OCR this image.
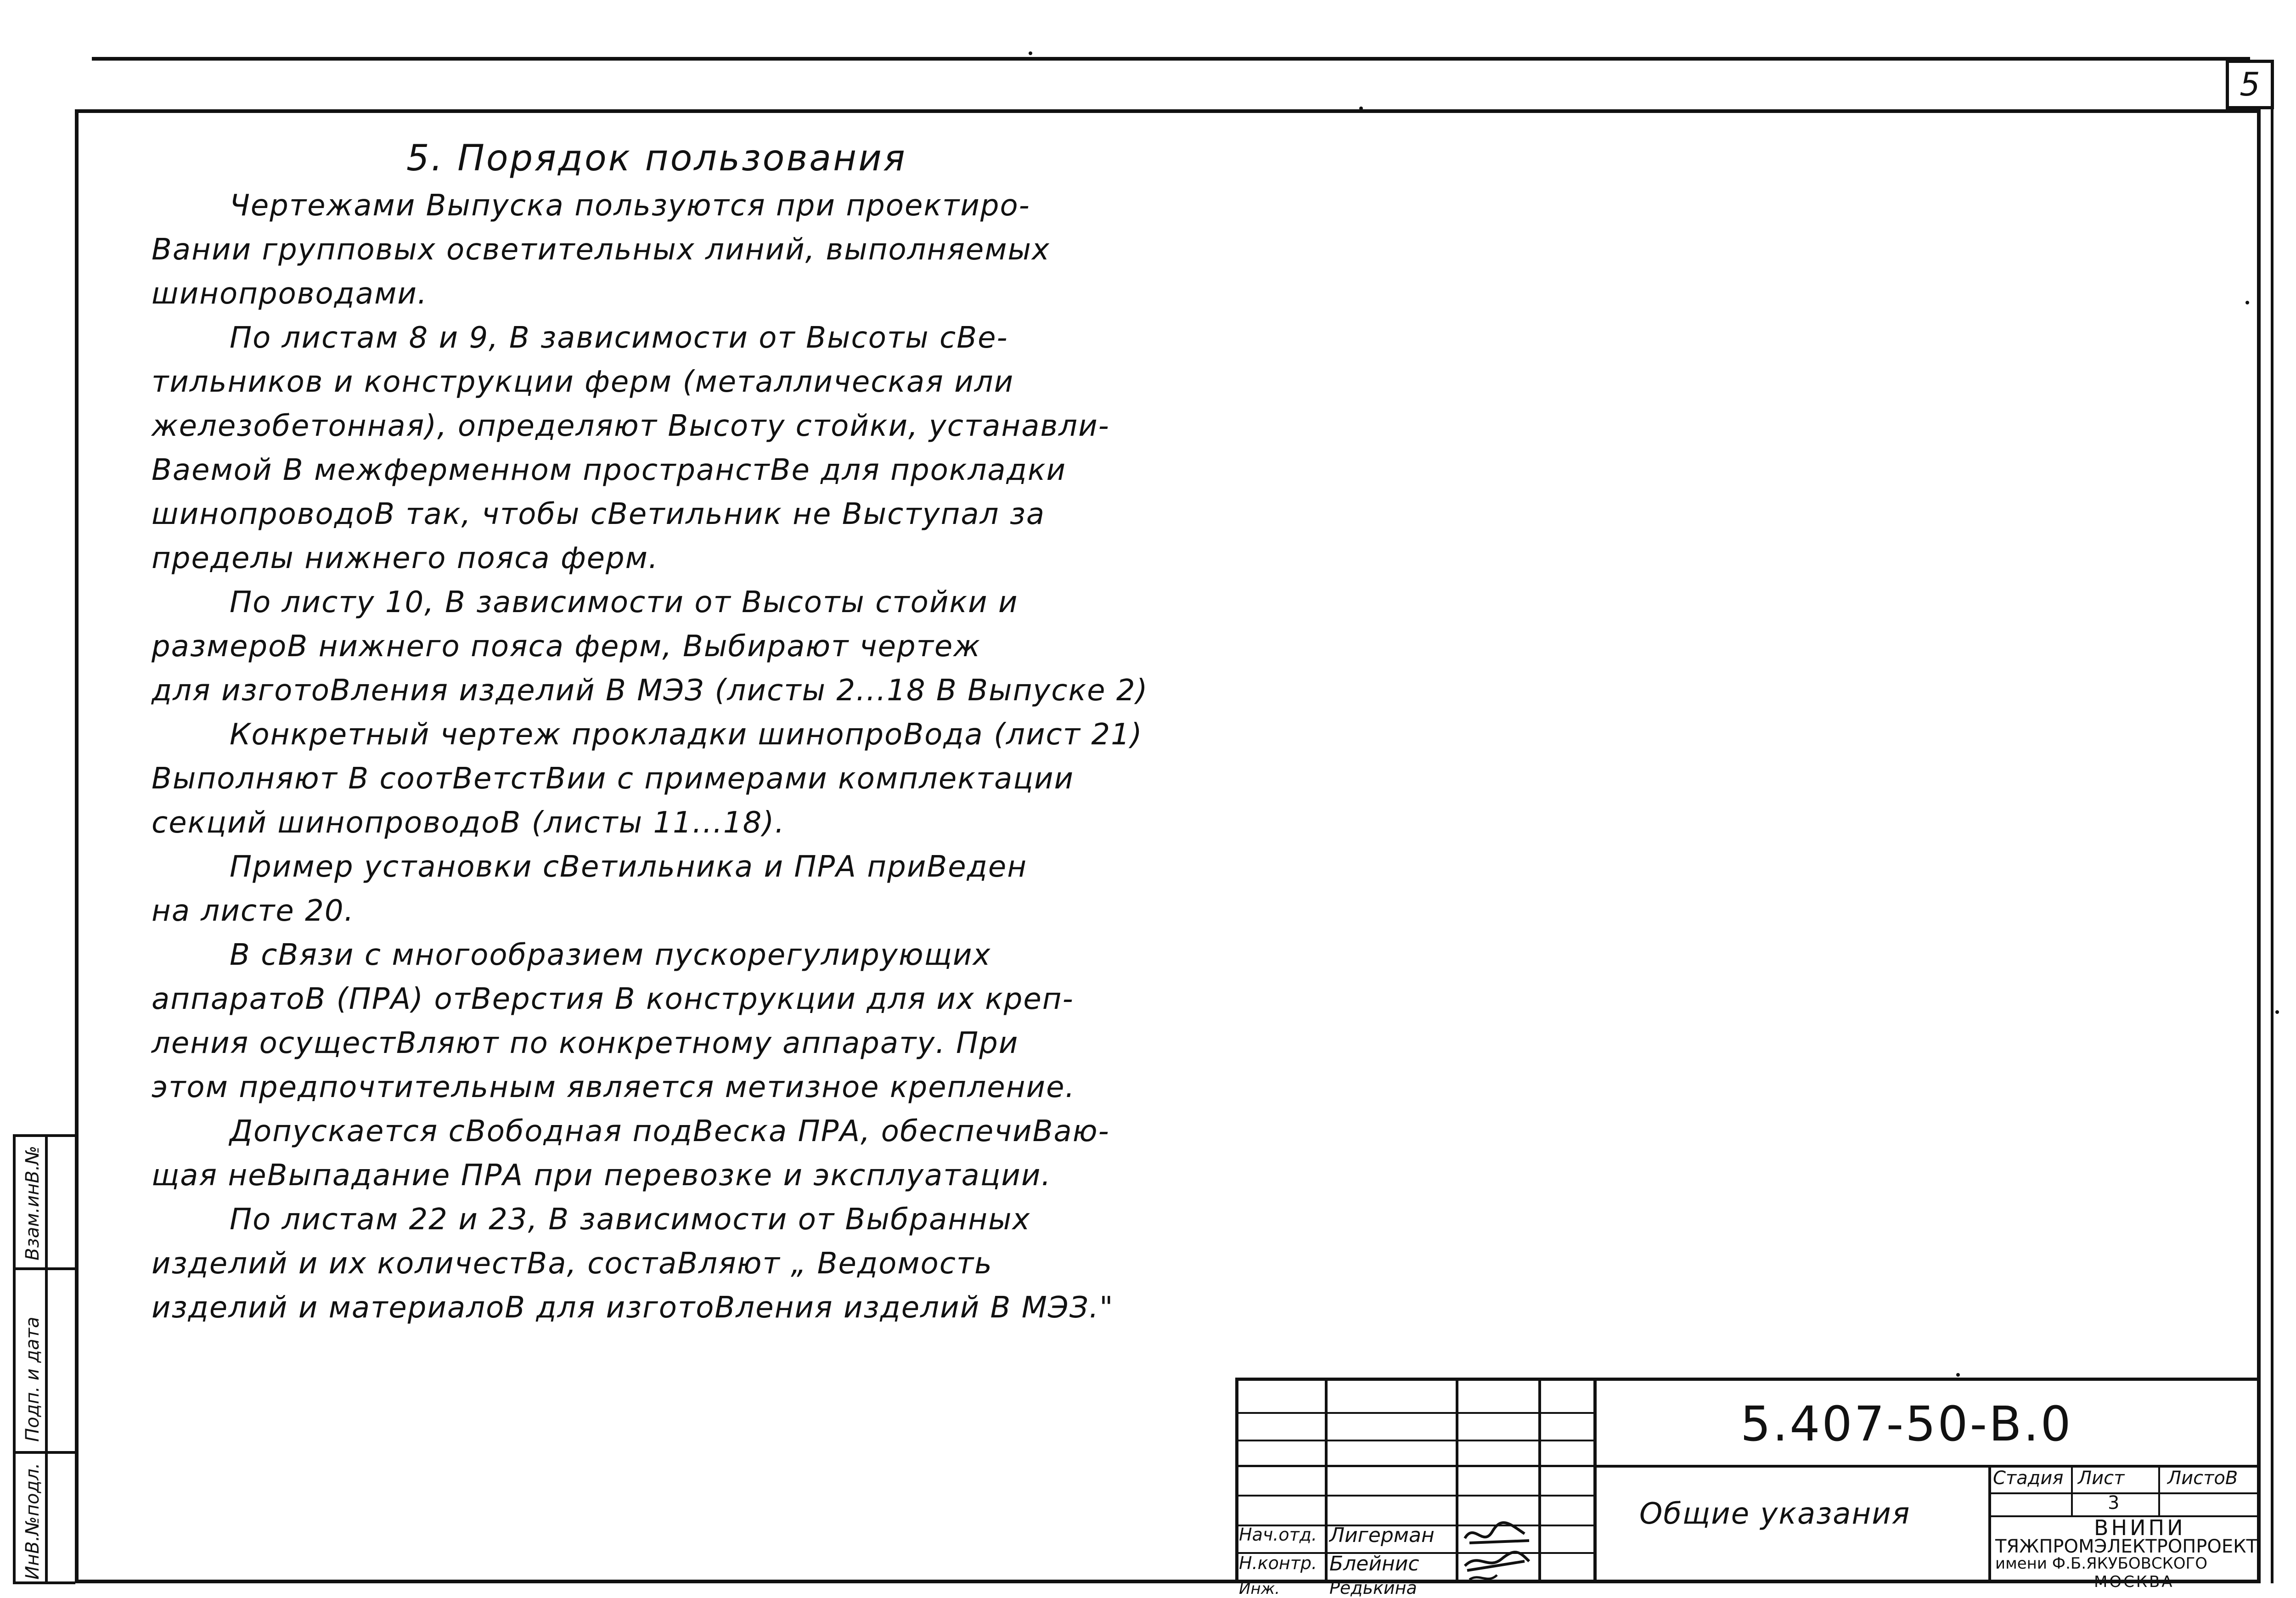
5
Взам.инВ.№
Подп. и дата
ИнВ.№подл.
5. Порядок пользования
Чертежами Выпуска пользуются при проектиро-
Вании групповых осветительных линий, выполняемых
шинопроводами.
По листам 8 и 9, В зависимости от Высоты сВе-
тильников и конструкции ферм (металлическая или
железобетонная), определяют Высоту стойки, устанавли-
Ваемой В межферменном пространстВе для прокладки
шинопроводоВ так, чтобы сВетильник не Выступал за
пределы нижнего пояса ферм.
По листу 10, В зависимости от Высоты стойки и
размероВ нижнего пояса ферм, Выбирают чертеж
для изготоВления изделий В МЭЗ (листы 2...18 В Выпуске 2)
Конкретный чертеж прокладки шинопроВода (лист 21)
Выполняют В соотВетстВии с примерами комплектации
секций шинопроводоВ (листы 11...18).
Пример установки сВетильника и ПРА приВеден
на листе 20.
В сВязи с многообразием пускорегулирующих
аппаратоВ (ПРА) отВерстия В конструкции для их креп-
ления осущестВляют по конкретному аппарату. При
этом предпочтительным является метизное крепление.
Допускается сВободная подВеска ПРА, обеспечиВаю-
щая неВыпадание ПРА при перевозке и эксплуатации.
По листам 22 и 23, В зависимости от Выбранных
изделий и их количестВа, состаВляют „ Ведомость
изделий и материалоВ для изготоВления изделий В МЭЗ."
5.407-50-В.0
Общие указания
Стадия Лист ЛистоВ
3
ВНИПИ
ТЯЖПРОМЭЛЕКТРОПРОЕКТ
имени Ф.Б.ЯКУБОВСКОГО
МОСКВА
Нач.отд. Лигерман
Н.контр. Блейнис
Инж.	Редькина
